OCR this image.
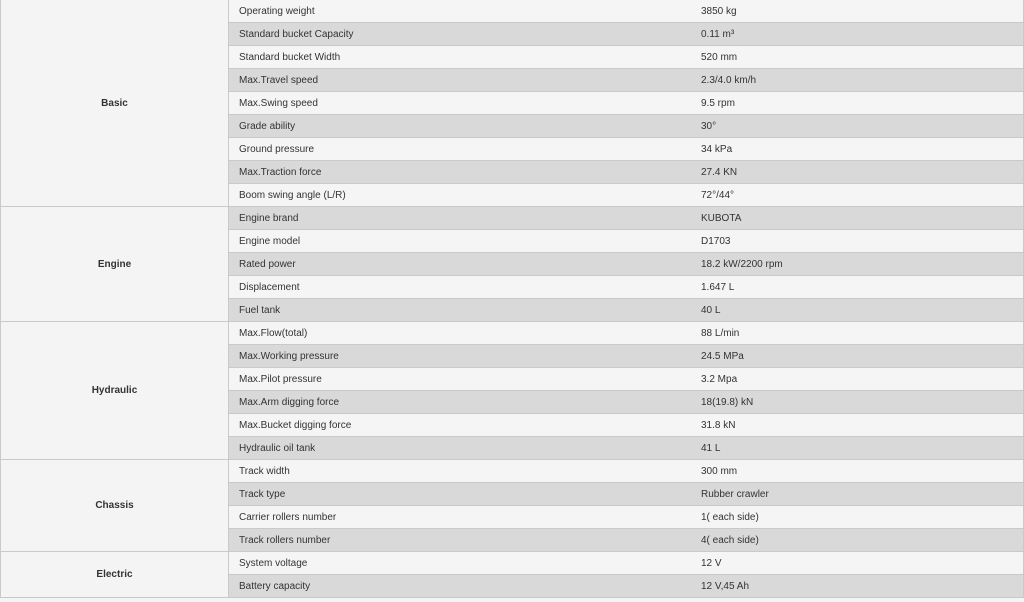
Basic	Operating weight	3850 kg
	Standard bucket Capacity	0.11 m³
	Standard bucket Width	520 mm
	Max.Travel speed	2.3/4.0 km/h
	Max.Swing speed	9.5 rpm
	Grade ability	30°
	Ground pressure	34 kPa
	Max.Traction force	27.4 KN
	Boom swing angle (L/R)	72°/44°
Engine	Engine brand	KUBOTA
	Engine model	D1703
	Rated power	18.2 kW/2200 rpm
	Displacement	1.647 L
	Fuel tank	40 L
Hydraulic	Max.Flow(total)	88 L/min
	Max.Working pressure	24.5 MPa
	Max.Pilot pressure	3.2 Mpa
	Max.Arm digging force	18(19.8) kN
	Max.Bucket digging force	31.8 kN
	Hydraulic oil tank	41 L
Chassis	Track width	300 mm
	Track type	Rubber crawler
	Carrier rollers number	1( each side)
	Track rollers number	4( each side)
Electric	System voltage	12 V
	Battery capacity	12 V,45 Ah
